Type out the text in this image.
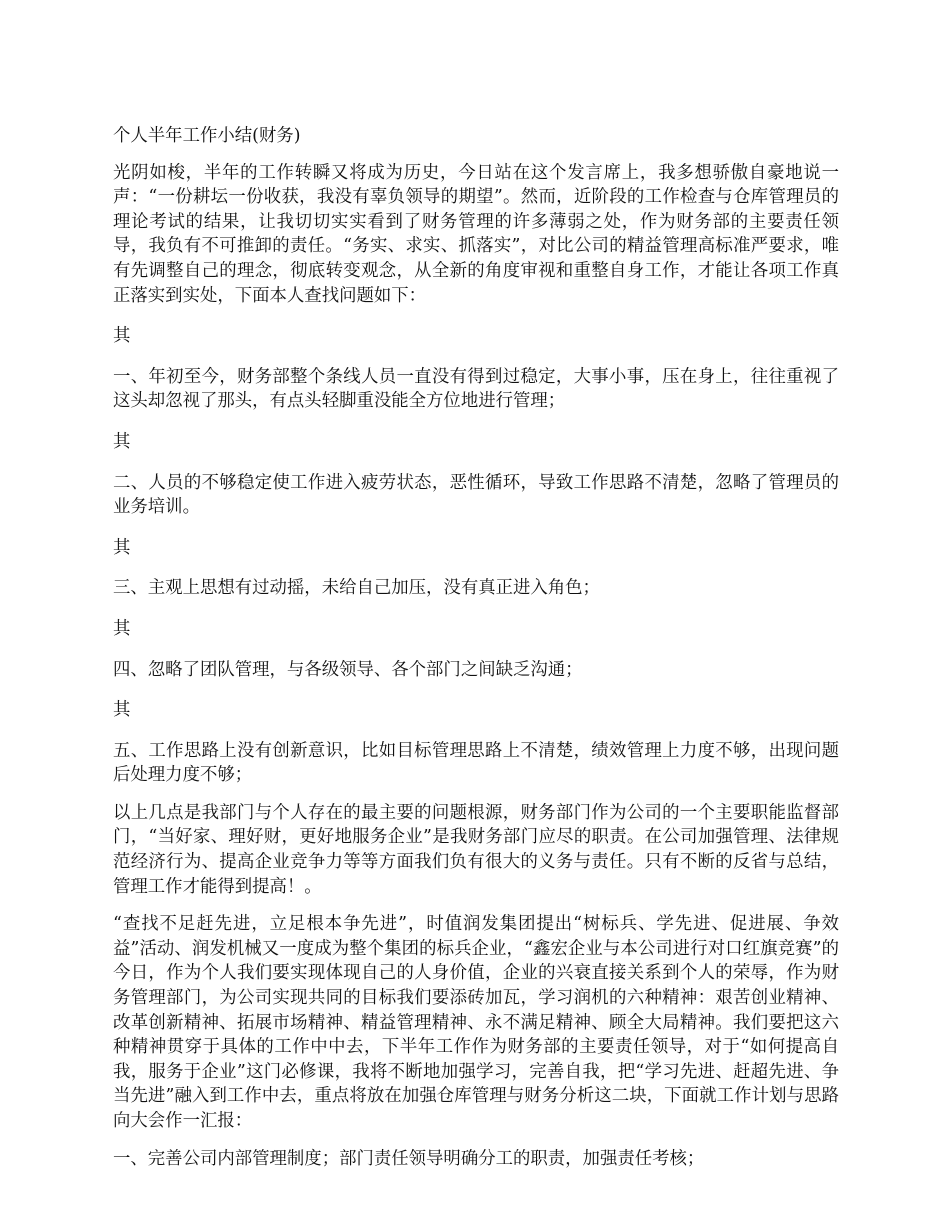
个人半年工作小结(财务)

光阴如梭，半年的工作转瞬又将成为历史，今日站在这个发言席上，我多想骄傲自豪地说一声：“一份耕坛一份收获，我没有辜负领导的期望”。然而，近阶段的工作检查与仓库管理员的理论考试的结果，让我切切实实看到了财务管理的许多薄弱之处，作为财务部的主要责任领导，我负有不可推卸的责任。“务实、求实、抓落实”，对比公司的精益管理高标准严要求，唯有先调整自己的理念，彻底转变观念，从全新的角度审视和重整自身工作，才能让各项工作真正落实到实处，下面本人查找问题如下：

其

一、年初至今，财务部整个条线人员一直没有得到过稳定，大事小事，压在身上，往往重视了这头却忽视了那头，有点头轻脚重没能全方位地进行管理；

其

二、人员的不够稳定使工作进入疲劳状态，恶性循环，导致工作思路不清楚，忽略了管理员的业务培训。

其

三、主观上思想有过动摇，未给自己加压，没有真正进入角色；

其

四、忽略了团队管理，与各级领导、各个部门之间缺乏沟通；

其

五、工作思路上没有创新意识，比如目标管理思路上不清楚，绩效管理上力度不够，出现问题后处理力度不够；

以上几点是我部门与个人存在的最主要的问题根源，财务部门作为公司的一个主要职能监督部门，“当好家、理好财，更好地服务企业”是我财务部门应尽的职责。在公司加强管理、法律规范经济行为、提高企业竞争力等等方面我们负有很大的义务与责任。只有不断的反省与总结，管理工作才能得到提高！。

“查找不足赶先进，立足根本争先进”，时值润发集团提出“树标兵、学先进、促进展、争效益”活动、润发机械又一度成为整个集团的标兵企业，“鑫宏企业与本公司进行对口红旗竞赛”的今日，作为个人我们要实现体现自己的人身价值，企业的兴衰直接关系到个人的荣辱，作为财务管理部门，为公司实现共同的目标我们要添砖加瓦，学习润机的六种精神：艰苦创业精神、改革创新精神、拓展市场精神、精益管理精神、永不满足精神、顾全大局精神。我们要把这六种精神贯穿于具体的工作中中去，下半年工作作为财务部的主要责任领导，对于“如何提高自我，服务于企业”这门必修课，我将不断地加强学习，完善自我，把“学习先进、赶超先进、争当先进”融入到工作中去，重点将放在加强仓库管理与财务分析这二块，下面就工作计划与思路向大会作一汇报：

一、完善公司内部管理制度；部门责任领导明确分工的职责，加强责任考核；
